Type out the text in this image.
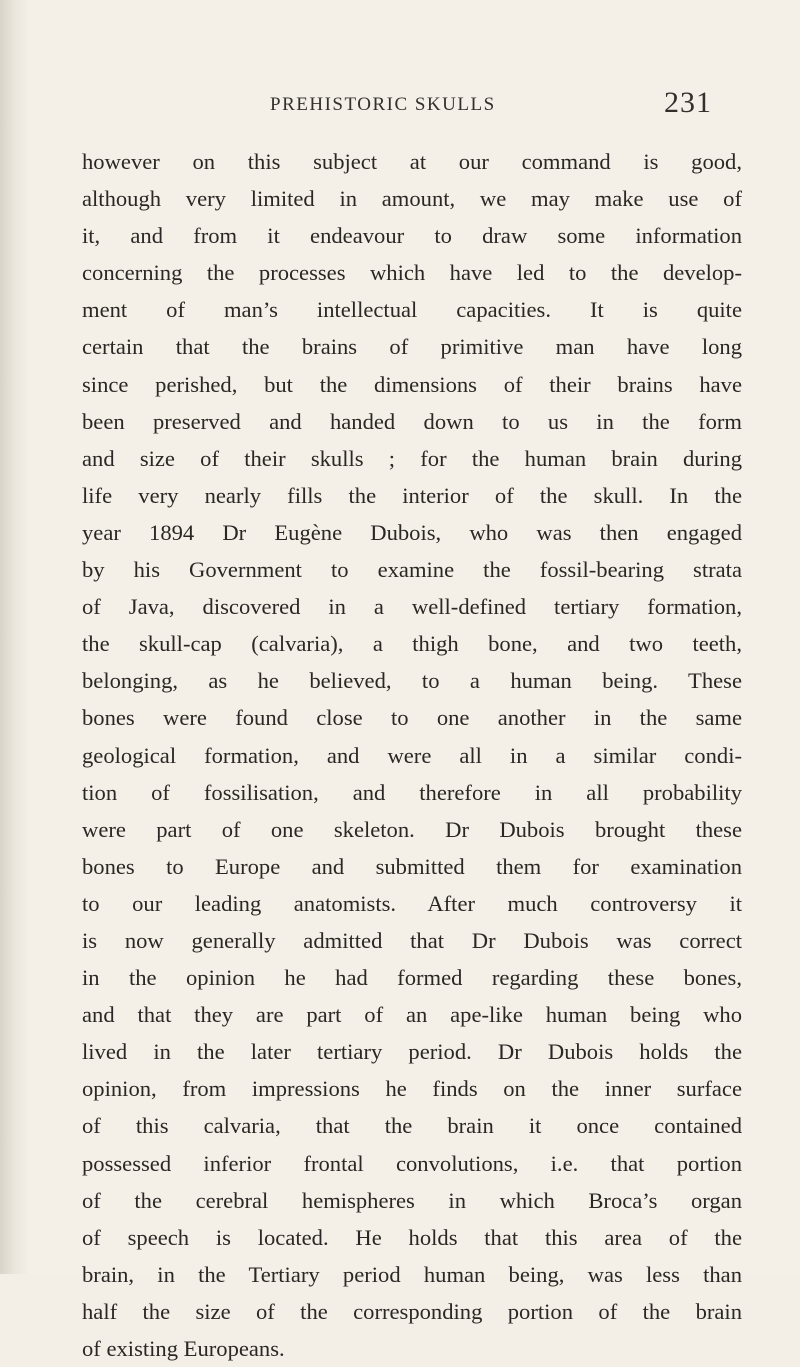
PREHISTORIC SKULLS	231
however on this subject at our command is good,
although very limited in amount, we may make use of
it, and from it endeavour to draw some information
concerning the processes which have led to the develop-
ment of man’s intellectual capacities. It is quite
certain that the brains of primitive man have long
since perished, but the dimensions of their brains have
been preserved and handed down to us in the form
and size of their skulls ; for the human brain during
life very nearly fills the interior of the skull. In the
year 1894 Dr Eugène Dubois, who was then engaged
by his Government to examine the fossil-bearing strata
of Java, discovered in a well-defined tertiary formation,
the skull-cap (calvaria), a thigh bone, and two teeth,
belonging, as he believed, to a human being. These
bones were found close to one another in the same
geological formation, and were all in a similar condi-
tion of fossilisation, and therefore in all probability
were part of one skeleton. Dr Dubois brought these
bones to Europe and submitted them for examination
to our leading anatomists. After much controversy it
is now generally admitted that Dr Dubois was correct
in the opinion he had formed regarding these bones,
and that they are part of an ape-like human being who
lived in the later tertiary period. Dr Dubois holds the
opinion, from impressions he finds on the inner surface
of this calvaria, that the brain it once contained
possessed inferior frontal convolutions, i.e. that portion
of the cerebral hemispheres in which Broca’s organ
of speech is located. He holds that this area of the
brain, in the Tertiary period human being, was less than
half the size of the corresponding portion of the brain
of existing Europeans.
